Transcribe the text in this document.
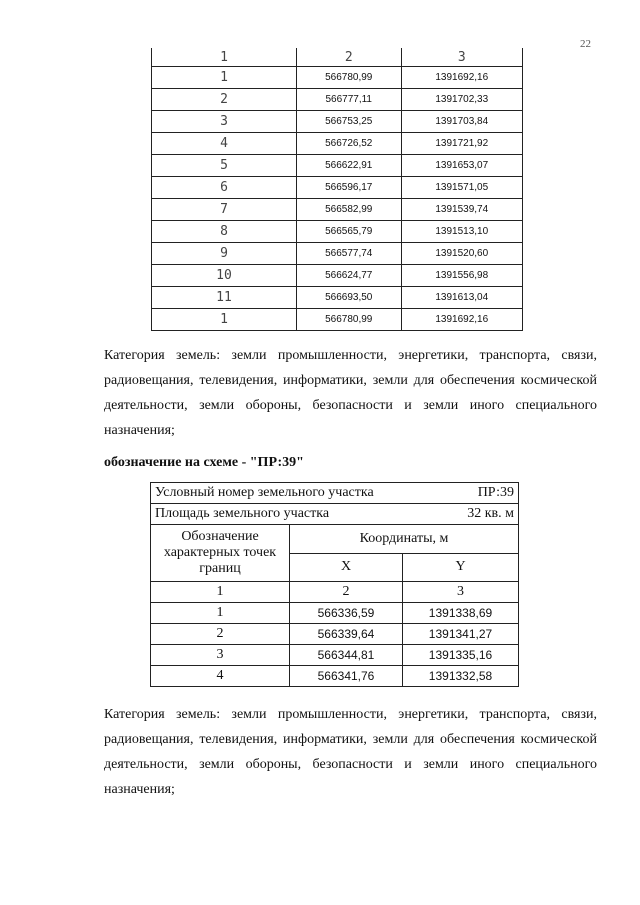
22
1	2	3
1	566780,99	1391692,16
2	566777,11	1391702,33
3	566753,25	1391703,84
4	566726,52	1391721,92
5	566622,91	1391653,07
6	566596,17	1391571,05
7	566582,99	1391539,74
8	566565,79	1391513,10
9	566577,74	1391520,60
10	566624,77	1391556,98
11	566693,50	1391613,04
1	566780,99	1391692,16
Категория земель: земли промышленности, энергетики, транспорта, связи,
радиовещания, телевидения, информатики, земли для обеспечения космической
деятельности, земли обороны, безопасности и земли иного специального
назначения;
обозначение на схеме - "ПР:39"
Условный номер земельного участка ПР:39		

Площадь земельного участка 32 кв. м		

Обозначение характерных точек границ	Координаты, м	
	X	Y
1	2	3
1	566336,59	1391338,69
2	566339,64	1391341,27
3	566344,81	1391335,16
4	566341,76	1391332,58
Категория земель: земли промышленности, энергетики, транспорта, связи,
радиовещания, телевидения, информатики, земли для обеспечения космической
деятельности, земли обороны, безопасности и земли иного специального
назначения;
